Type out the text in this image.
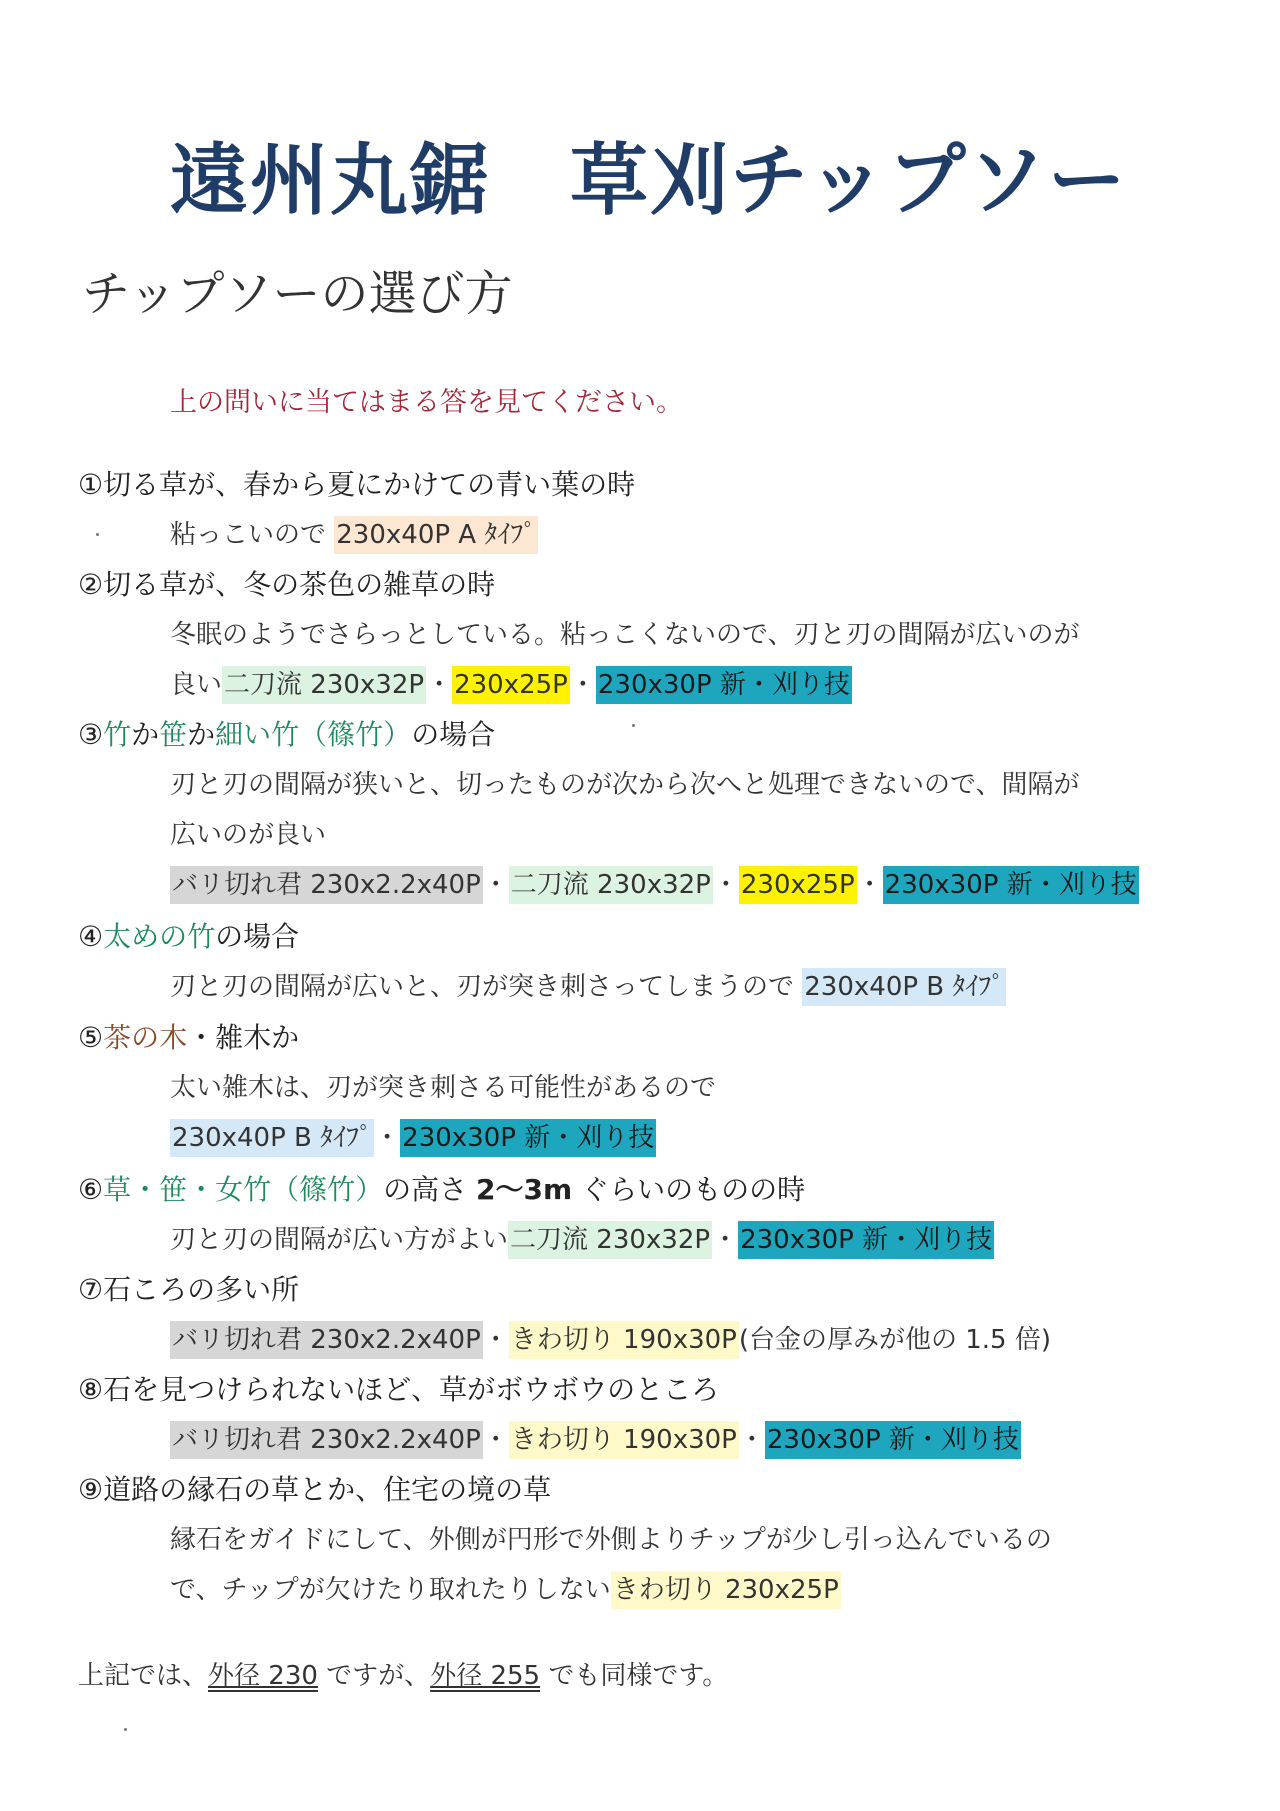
遠州丸鋸　草刈チップソー
チップソーの選び方
上の問いに当てはまる答を見てください。
①切る草が、春から夏にかけての青い葉の時
粘っこいので 230x40P A ﾀｲﾌﾟ
②切る草が、冬の茶色の雑草の時
冬眠のようでさらっとしている。粘っこくないので、刃と刃の間隔が広いのが
良い二刀流 230x32P・230x25P・230x30P 新・刈り技
③竹か笹か細い竹（篠竹）の場合
刃と刃の間隔が狭いと、切ったものが次から次へと処理できないので、間隔が
広いのが良い
バリ切れ君 230x2.2x40P・二刀流 230x32P・230x25P・230x30P 新・刈り技
④太めの竹の場合
刃と刃の間隔が広いと、刃が突き刺さってしまうので 230x40P B ﾀｲﾌﾟ
⑤茶の木・雑木か
太い雑木は、刃が突き刺さる可能性があるので
230x40P B ﾀｲﾌﾟ・230x30P 新・刈り技
⑥草・笹・女竹（篠竹）の高さ 2〜3m ぐらいのものの時
刃と刃の間隔が広い方がよい二刀流 230x32P・230x30P 新・刈り技
⑦石ころの多い所
バリ切れ君 230x2.2x40P・きわ切り 190x30P(台金の厚みが他の 1.5 倍)
⑧石を見つけられないほど、草がボウボウのところ
バリ切れ君 230x2.2x40P・きわ切り 190x30P・230x30P 新・刈り技
⑨道路の縁石の草とか、住宅の境の草
縁石をガイドにして、外側が円形で外側よりチップが少し引っ込んでいるの
で、チップが欠けたり取れたりしないきわ切り 230x25P
上記では、外径 230 ですが、外径 255 でも同様です。
